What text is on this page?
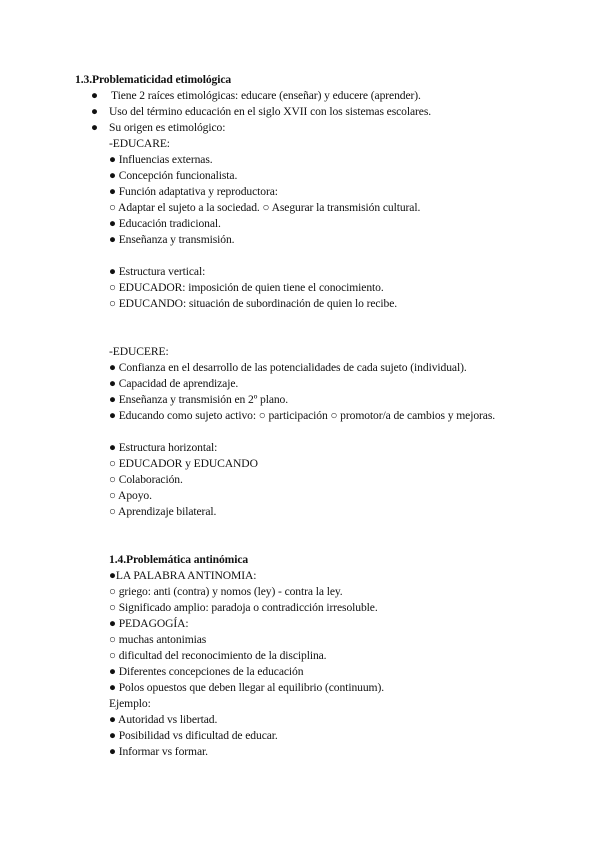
1.3.Problematicidad etimológica
● Tiene 2 raíces etimológicas: educare (enseñar) y educere (aprender).
● Uso del término educación en el siglo XVII con los sistemas escolares.
● Su origen es etimológico:
-EDUCARE:
● Influencias externas.
● Concepción funcionalista.
● Función adaptativa y reproductora:
○ Adaptar el sujeto a la sociedad. ○ Asegurar la transmisión cultural.
● Educación tradicional.
● Enseñanza y transmisión.
● Estructura vertical:
○ EDUCADOR: imposición de quien tiene el conocimiento.
○ EDUCANDO: situación de subordinación de quien lo recibe.
-EDUCERE:
● Confianza en el desarrollo de las potencialidades de cada sujeto (individual).
● Capacidad de aprendizaje.
● Enseñanza y transmisión en 2º plano.
● Educando como sujeto activo: ○ participación ○ promotor/a de cambios y mejoras.
● Estructura horizontal:
○ EDUCADOR y EDUCANDO
○ Colaboración.
○ Apoyo.
○ Aprendizaje bilateral.
1.4.Problemática antinómica
●LA PALABRA ANTINOMIA:
○ griego: anti (contra) y nomos (ley) - contra la ley.
○ Significado amplio: paradoja o contradicción irresoluble.
● PEDAGOGÍA:
○ muchas antonimias
○ dificultad del reconocimiento de la disciplina.
● Diferentes concepciones de la educación
● Polos opuestos que deben llegar al equilibrio (continuum).
Ejemplo:
● Autoridad vs libertad.
● Posibilidad vs dificultad de educar.
● Informar vs formar.
